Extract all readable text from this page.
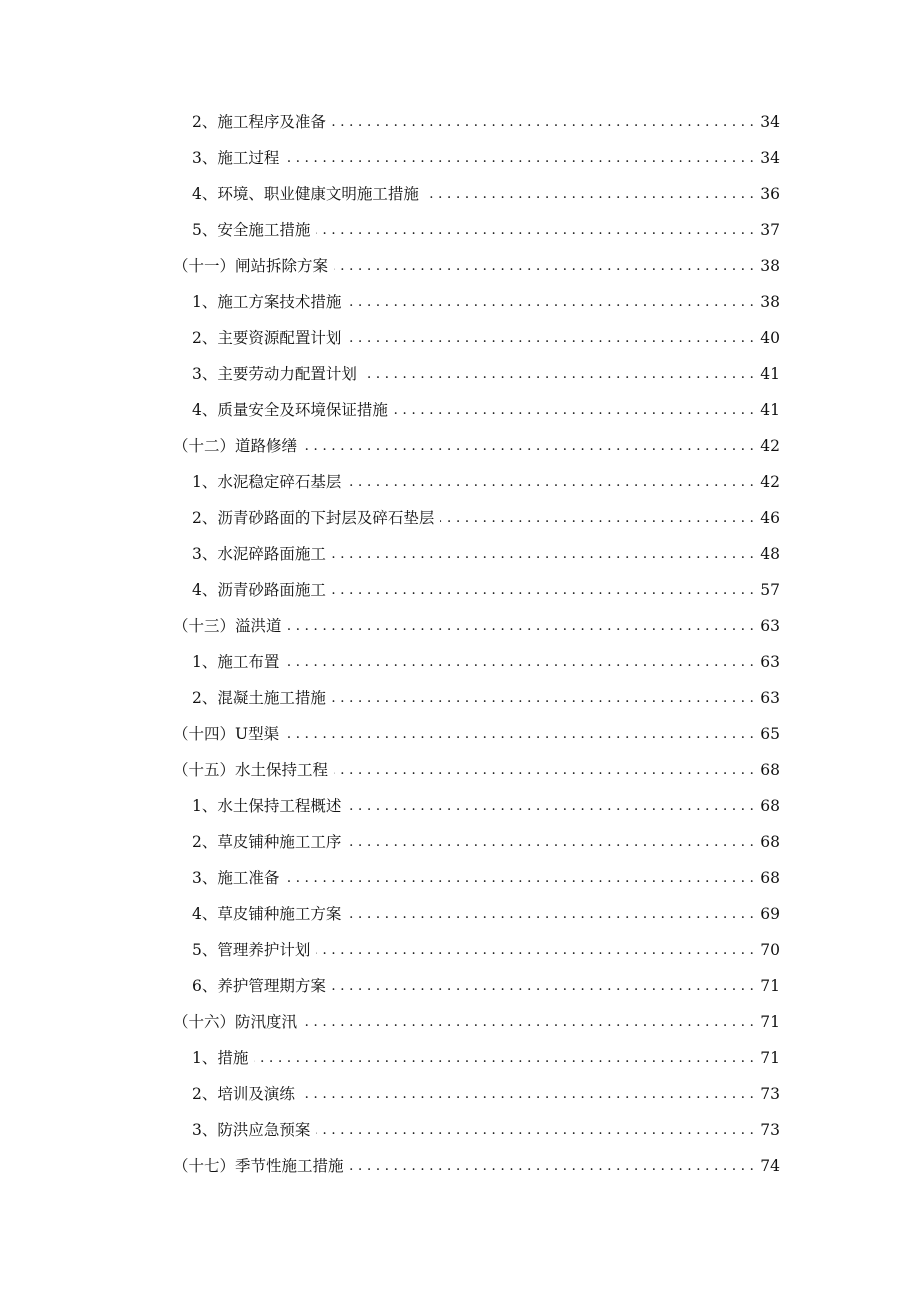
2、施工程序及准备 . . .	34
3、施工过程 . . .	34
4、环境、职业健康文明施工措施 . . .	36
5、安全施工措施 . . .	37
（十一）闸站拆除方案 . . .	38
1、施工方案技术措施 . . .	38
2、主要资源配置计划 . . .	40
3、主要劳动力配置计划 . . .	41
4、质量安全及环境保证措施 . . .	41
（十二）道路修缮 . . .	42
1、水泥稳定碎石基层 . . .	42
2、沥青砂路面的下封层及碎石垫层 . . .	46
3、水泥碎路面施工 . . .	48
4、沥青砂路面施工 . . .	57
（十三）溢洪道 . . .	63
1、施工布置 . . .	63
2、混凝土施工措施 . . .	63
（十四）U型渠 . . .	65
（十五）水土保持工程 . . .	68
1、水土保持工程概述 . . .	68
2、草皮铺种施工工序 . . .	68
3、施工准备 . . .	68
4、草皮铺种施工方案 . . .	69
5、管理养护计划 . . .	70
6、养护管理期方案 . . .	71
（十六）防汛度汛 . . .	71
1、措施 . . .	71
2、培训及演练 . . .	73
3、防洪应急预案 . . .	73
（十七）季节性施工措施 . . .	74
